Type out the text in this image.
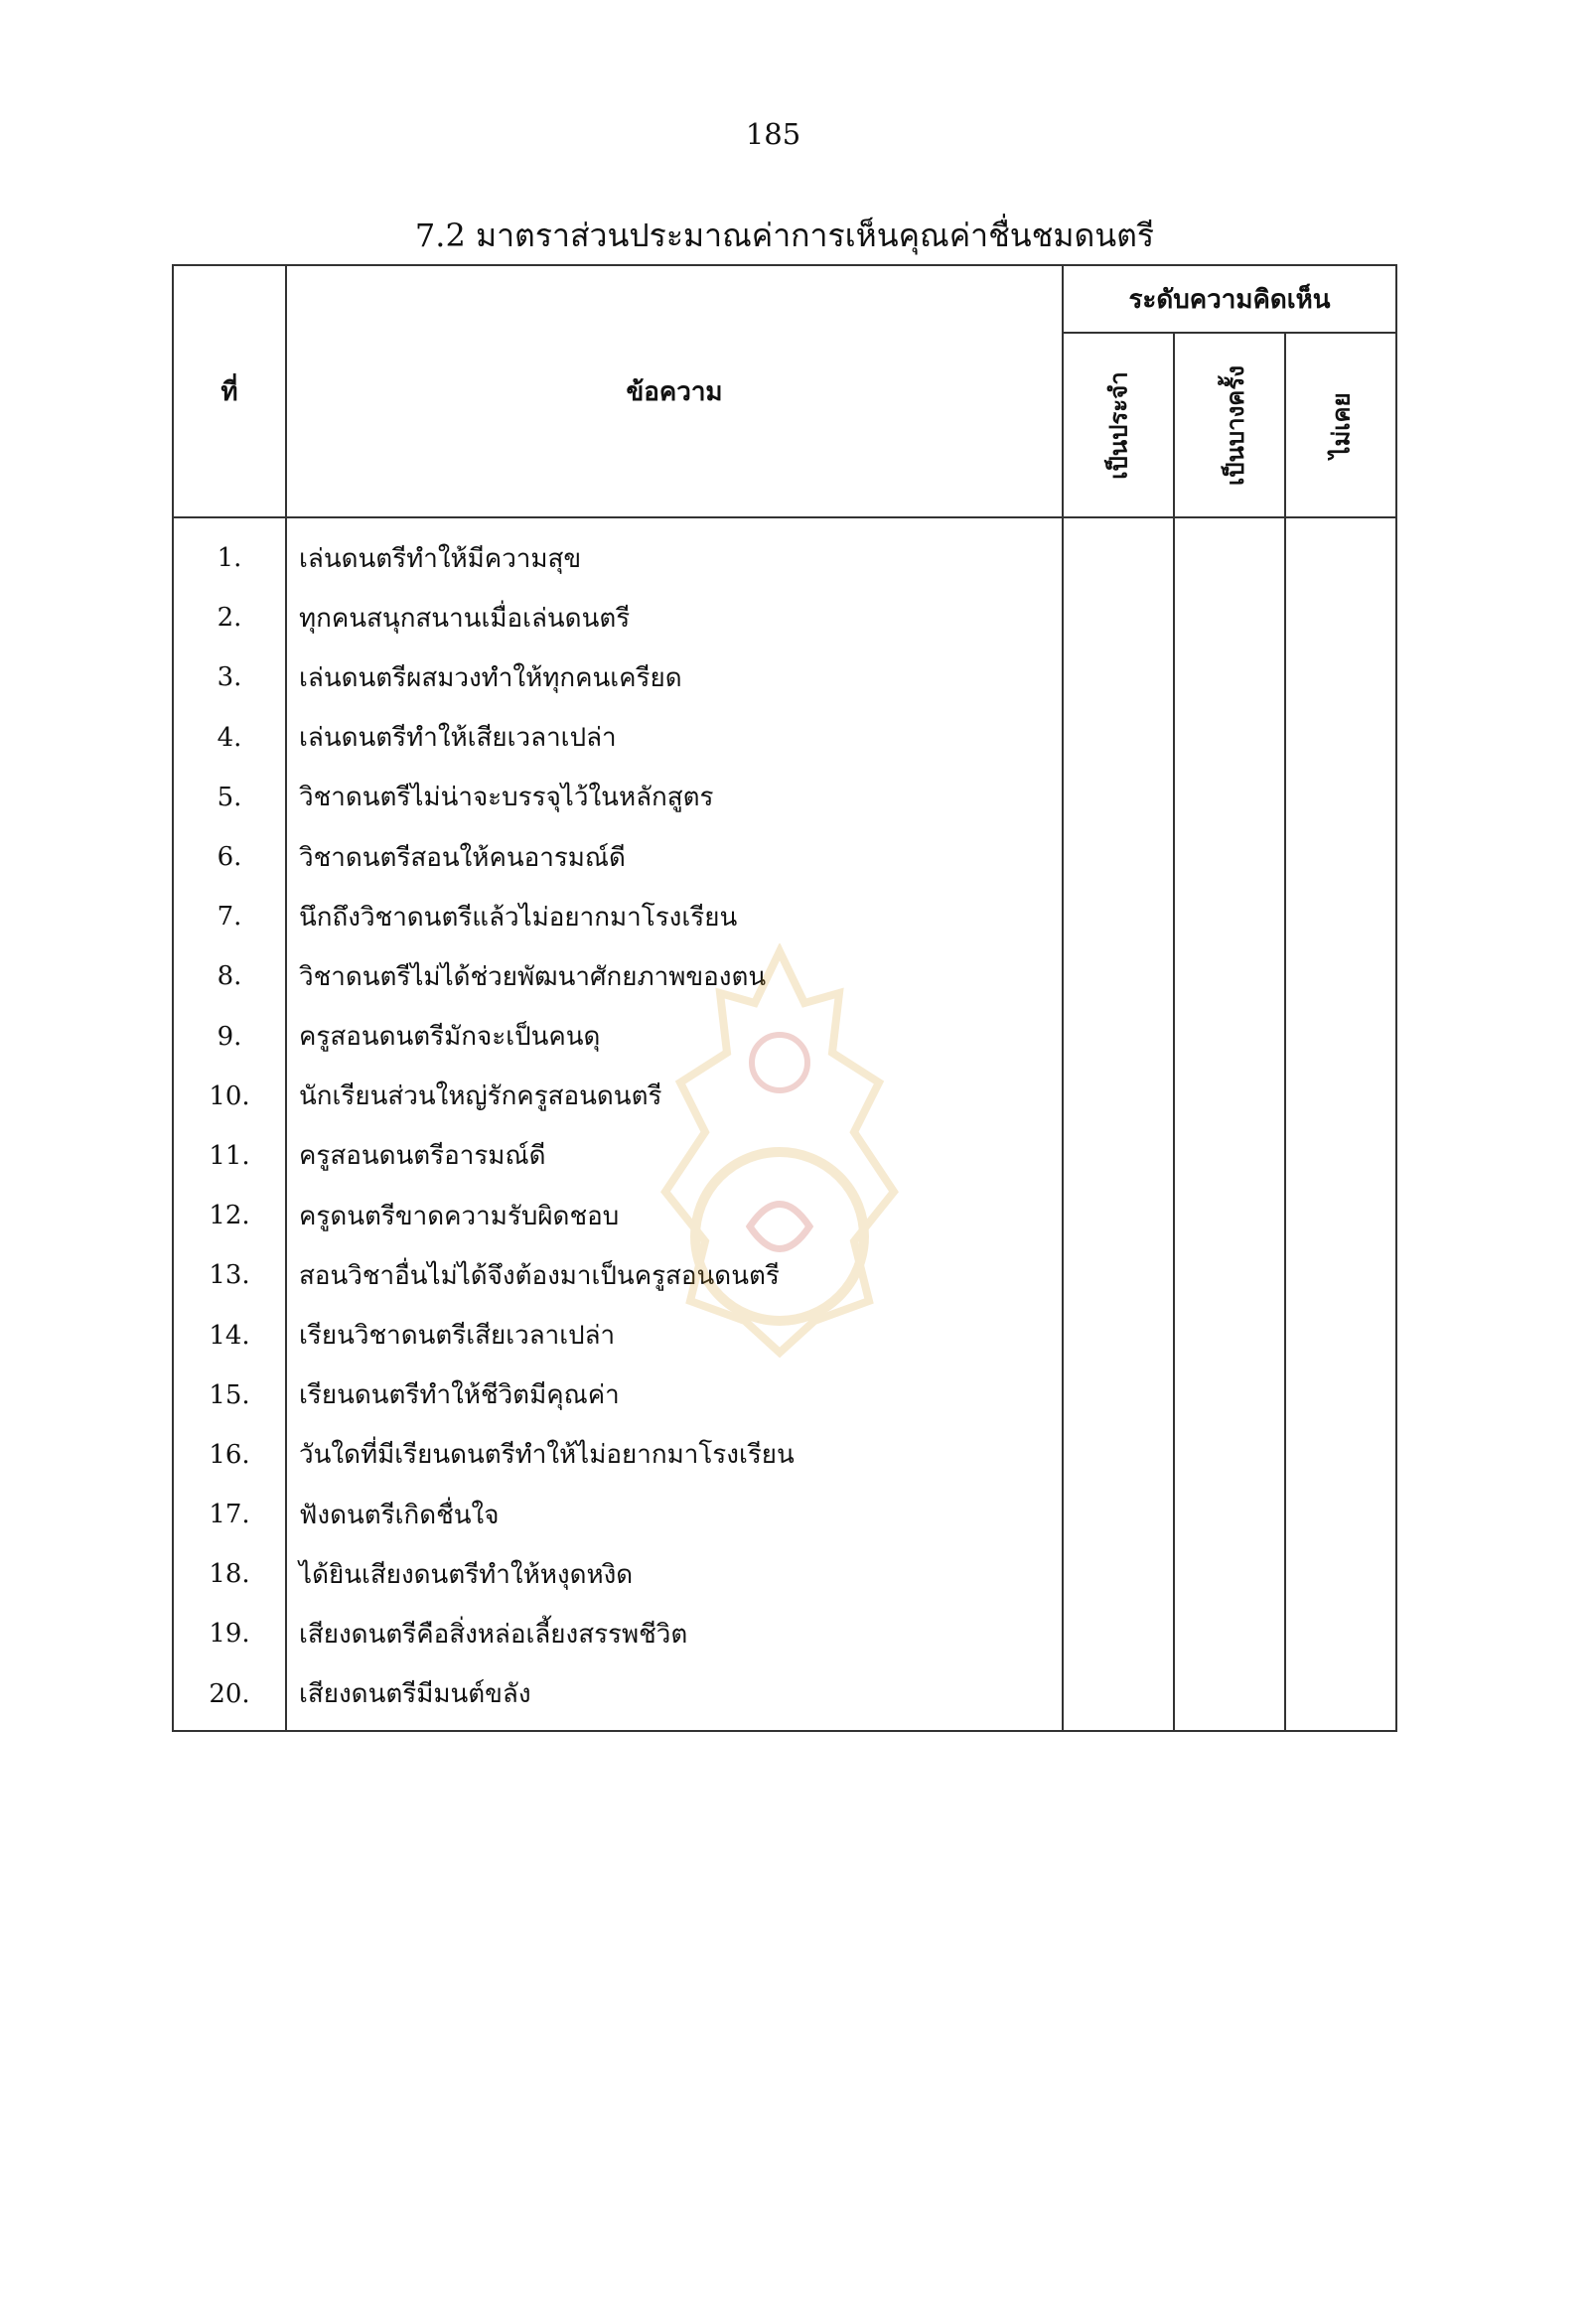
185
7.2 มาตราส่วนประมาณค่าการเห็นคุณค่าชื่นชมดนตรี
ที่	ข้อความ	ระดับความคิดเห็น		
		เป็นประจำ	เป็นบางครั้ง	ไม่เคย
1.	เล่นดนตรีทำให้มีความสุข			
2.	ทุกคนสนุกสนานเมื่อเล่นดนตรี			
3.	เล่นดนตรีผสมวงทำให้ทุกคนเครียด			
4.	เล่นดนตรีทำให้เสียเวลาเปล่า			
5.	วิชาดนตรีไม่น่าจะบรรจุไว้ในหลักสูตร			
6.	วิชาดนตรีสอนให้คนอารมณ์ดี			
7.	นึกถึงวิชาดนตรีแล้วไม่อยากมาโรงเรียน			
8.	วิชาดนตรีไม่ได้ช่วยพัฒนาศักยภาพของตน			
9.	ครูสอนดนตรีมักจะเป็นคนดุ			
10.	นักเรียนส่วนใหญ่รักครูสอนดนตรี			
11.	ครูสอนดนตรีอารมณ์ดี			
12.	ครูดนตรีขาดความรับผิดชอบ			
13.	สอนวิชาอื่นไม่ได้จึงต้องมาเป็นครูสอนดนตรี			
14.	เรียนวิชาดนตรีเสียเวลาเปล่า			
15.	เรียนดนตรีทำให้ชีวิตมีคุณค่า			
16.	วันใดที่มีเรียนดนตรีทำให้ไม่อยากมาโรงเรียน			
17.	ฟังดนตรีเกิดชื่นใจ			
18.	ได้ยินเสียงดนตรีทำให้หงุดหงิด			
19.	เสียงดนตรีคือสิ่งหล่อเลี้ยงสรรพชีวิต			
20.	เสียงดนตรีมีมนต์ขลัง			
